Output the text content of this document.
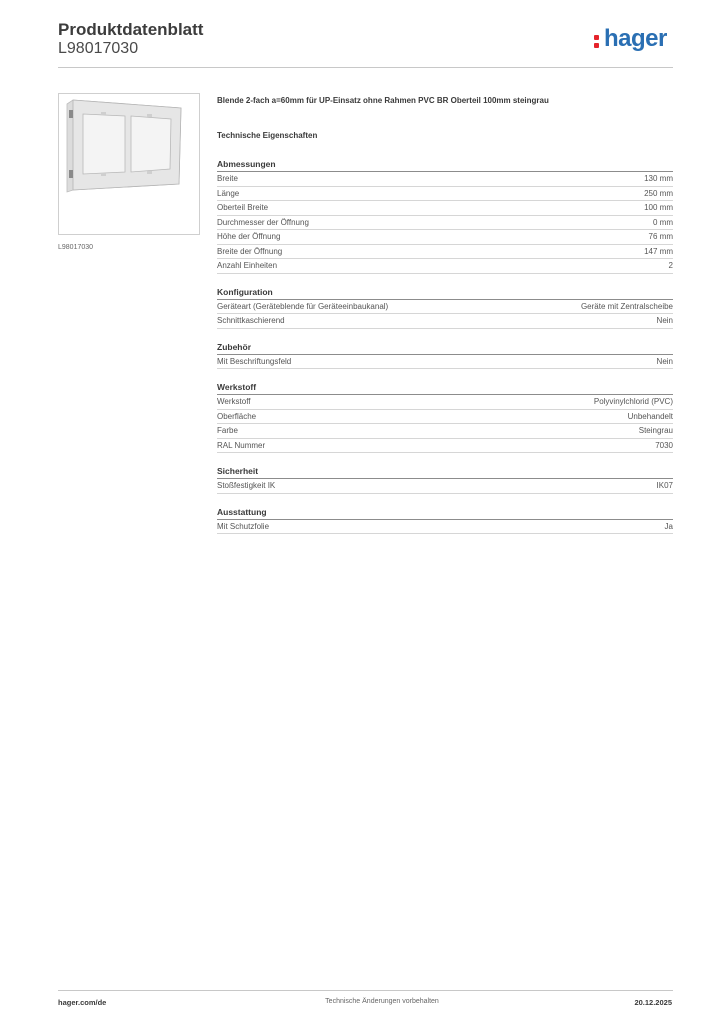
Produktdatenblatt
L98017030	hager
L98017030
Blende 2-fach a=60mm für UP-Einsatz ohne Rahmen PVC BR Oberteil 100mm steingrau
Technische Eigenschaften
Abmessungen
Breite	130 mm
Länge	250 mm
Oberteil Breite	100 mm
Durchmesser der Öffnung	0 mm
Höhe der Öffnung	76 mm
Breite der Öffnung	147 mm
Anzahl Einheiten	2
Konfiguration
Geräteart (Geräteblende für Geräteeinbaukanal)	Geräte mit Zentralscheibe
Schnittkaschierend	Nein
Zubehör
Mit Beschriftungsfeld	Nein
Werkstoff
Werkstoff	Polyvinylchlorid (PVC)
Oberfläche	Unbehandelt
Farbe	Steingrau
RAL Nummer	7030
Sicherheit
Stoßfestigkeit IK	IK07
Ausstattung
Mit Schutzfolie	Ja
hager.com/de	Technische Änderungen vorbehalten	20.12.2025
